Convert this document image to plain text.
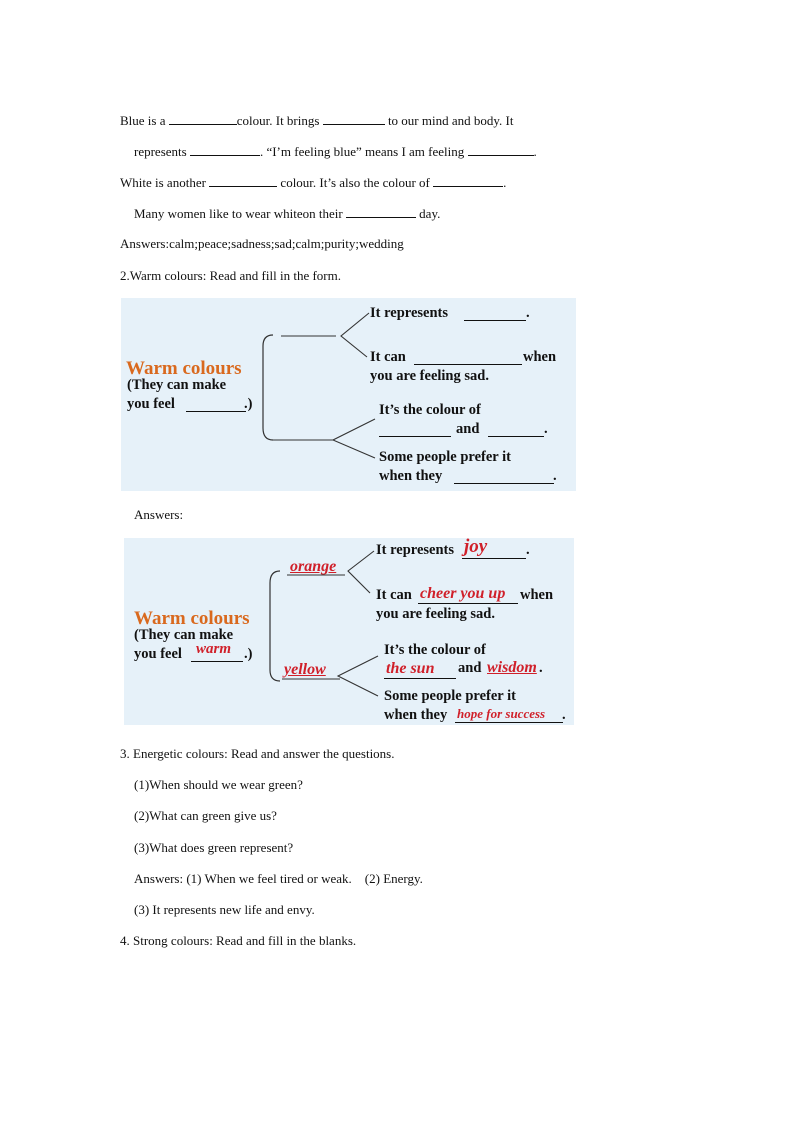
Blue is a	colour. It brings	to our mind and body. It
represents	. “I’m feeling blue” means I am feeling	.
White is another	colour. It’s also the colour of	.
Many women like to wear whiteon their	day.
Answers:calm;peace;sadness;sad;calm;purity;wedding
2.Warm colours: Read and fill in the form.
Warm colours
(They can make
you feel	.)
It represents	.
It can	when
you are feeling sad.
It’s the colour of
and	.
Some people prefer it
when they	.
Answers:
Warm colours
(They can make
you feel warm .)
orange
yellow
It represents joy	.
It can cheer you up when
you are feeling sad.
It’s the colour of
the sun and wisdom .
Some people prefer it
when they hope for success .
3. Energetic colours: Read and answer the questions.
(1)When should we wear green?
(2)What can green give us?
(3)What does green represent?
Answers: (1) When we feel tired or weak.    (2) Energy.
(3) It represents new life and envy.
4. Strong colours: Read and fill in the blanks.
